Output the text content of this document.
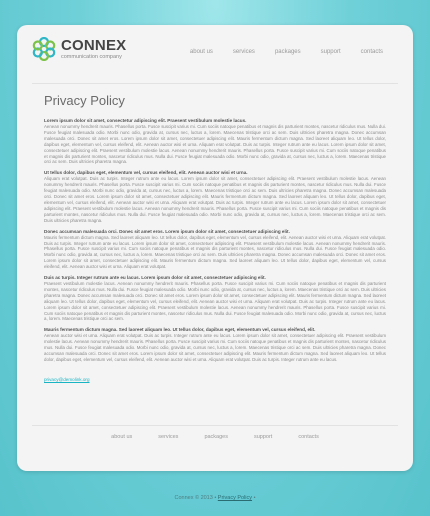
CONNEX
communication company
about us	services	packages	support	contacts
Privacy Policy
Lorem ipsum dolor sit amet, consectetur adipiscing elit. Praesent vestibulum molestie lacus.
Aenean nonummy hendrerit mauris. Phasellus porta. Fusce suscipit varius mi. Cum sociis natoque penatibus et magnis dis parturient montes, nascetur ridiculus mus. Nulla dui. Fusce feugiat malesuada odio. Morbi nunc odio, gravida at, cursus nec, luctus a, lorem. Maecenas tristique orci ac sem. Duis ultricies pharetra magna. Donec accumsan malesuada orci. Donec sit amet eros. Lorem ipsum dolor sit amet, consectetuer adipiscing elit. Mauris fermentum dictum magna. Sed laoreet aliquam leo. Ut tellus dolor, dapibus eget, elementum vel, cursus eleifend, elit. Aenean auctor wisi et urna. Aliquam erat volutpat. Duis ac turpis. Integer rutrum ante eu lacus. Lorem ipsum dolor sit amet, consectetuer adipiscing elit. Praesent vestibulum molestie lacus. Aenean nonummy hendrerit mauris. Phasellus porta. Fusce suscipit varius mi. Cum sociis natoque penatibus et magnis dis parturient montes, nascetur ridiculus mus. Nulla dui. Fusce feugiat malesuada odio. Morbi nunc odio, gravida at, cursus nec, luctus a, lorem. Maecenas tristique orci ac sem. Duis ultricies pharetra magna.
Ut tellus dolor, dapibus eget, elementum vel, cursus eleifend, elit. Aenean auctor wisi et urna.
Aliquam erat volutpat. Duis ac turpis. Integer rutrum ante eu lacus. Lorem ipsum dolor sit amet, consectetuer adipiscing elit. Praesent vestibulum molestie lacus. Aenean nonummy hendrerit mauris. Phasellus porta. Fusce suscipit varius mi. Cum sociis natoque penatibus et magnis dis parturient montes, nascetur ridiculus mus. Nulla dui. Fusce feugiat malesuada odio. Morbi nunc odio, gravida at, cursus nec, luctus a, lorem. Maecenas tristique orci ac sem. Duis ultricies pharetra magna. Donec accumsan malesuada orci. Donec sit amet eros. Lorem ipsum dolor sit amet, consectetuer adipiscing elit. Mauris fermentum dictum magna. Sed laoreet aliquam leo. Ut tellus dolor, dapibus eget, elementum vel, cursus eleifend, elit. Aenean auctor wisi et urna. Aliquam erat volutpat. Duis ac turpis. Integer rutrum ante eu lacus. Lorem ipsum dolor sit amet, consectetuer adipiscing elit. Praesent vestibulum molestie lacus. Aenean nonummy hendrerit mauris. Phasellus porta. Fusce suscipit varius mi. Cum sociis natoque penatibus et magnis dis parturient montes, nascetur ridiculus mus. Nulla dui. Fusce feugiat malesuada odio. Morbi nunc odio, gravida at, cursus nec, luctus a, lorem. Maecenas tristique orci ac sem. Duis ultricies pharetra magna.
Donec accumsan malesuada orci. Donec sit amet eros. Lorem ipsum dolor sit amet, consectetuer adipiscing elit.
Mauris fermentum dictum magna. Sed laoreet aliquam leo. Ut tellus dolor, dapibus eget, elementum vel, cursus eleifend, elit. Aenean auctor wisi et urna. Aliquam erat volutpat. Duis ac turpis. Integer rutrum ante eu lacus. Lorem ipsum dolor sit amet, consectetuer adipiscing elit. Praesent vestibulum molestie lacus. Aenean nonummy hendrerit mauris. Phasellus porta. Fusce suscipit varius mi. Cum sociis natoque penatibus et magnis dis parturient montes, nascetur ridiculus mus. Nulla dui. Fusce feugiat malesuada odio. Morbi nunc odio, gravida at, cursus nec, luctus a, lorem. Maecenas tristique orci ac sem. Duis ultricies pharetra magna. Donec accumsan malesuada orci. Donec sit amet eros. Lorem ipsum dolor sit amet, consectetuer adipiscing elit. Mauris fermentum dictum magna. Sed laoreet aliquam leo. Ut tellus dolor, dapibus eget, elementum vel, cursus eleifend, elit. Aenean auctor wisi et urna. Aliquam erat volutpat.
Duis ac turpis. Integer rutrum ante eu lacus. Lorem ipsum dolor sit amet, consectetuer adipiscing elit.
Praesent vestibulum molestie lacus. Aenean nonummy hendrerit mauris. Phasellus porta. Fusce suscipit varius mi. Cum sociis natoque penatibus et magnis dis parturient montes, nascetur ridiculus mus. Nulla dui. Fusce feugiat malesuada odio. Morbi nunc odio, gravida at, cursus nec, luctus a, lorem. Maecenas tristique orci ac sem. Duis ultricies pharetra magna. Donec accumsan malesuada orci. Donec sit amet eros. Lorem ipsum dolor sit amet, consectetuer adipiscing elit. Mauris fermentum dictum magna. Sed laoreet aliquam leo. Ut tellus dolor, dapibus eget, elementum vel, cursus eleifend, elit. Aenean auctor wisi et urna. Aliquam erat volutpat. Duis ac turpis. Integer rutrum ante eu lacus. Lorem ipsum dolor sit amet, consectetuer adipiscing elit. Praesent vestibulum molestie lacus. Aenean nonummy hendrerit mauris. Phasellus porta. Fusce suscipit varius mi. Cum sociis natoque penatibus et magnis dis parturient montes, nascetur ridiculus mus. Nulla dui. Fusce feugiat malesuada odio. Morbi nunc odio, gravida at, cursus nec, luctus a, lorem. Maecenas tristique orci ac sem.
Mauris fermentum dictum magna. Sed laoreet aliquam leo. Ut tellus dolor, dapibus eget, elementum vel, cursus eleifend, elit.
Aenean auctor wisi et urna. Aliquam erat volutpat. Duis ac turpis. Integer rutrum ante eu lacus. Lorem ipsum dolor sit amet, consectetuer adipiscing elit. Praesent vestibulum molestie lacus. Aenean nonummy hendrerit mauris. Phasellus porta. Fusce suscipit varius mi. Cum sociis natoque penatibus et magnis dis parturient montes, nascetur ridiculus mus. Nulla dui. Fusce feugiat malesuada odio. Morbi nunc odio, gravida at, cursus nec, luctus a, lorem. Maecenas tristique orci ac sem. Duis ultricies pharetra magna. Donec accumsan malesuada orci. Donec sit amet eros. Lorem ipsum dolor sit amet, consectetuer adipiscing elit. Mauris fermentum dictum magna. Sed laoreet aliquam leo. Ut tellus dolor, dapibus eget, elementum vel, cursus eleifend, elit. Aenean auctor wisi et urna. Aliquam erat volutpat. Duis ac turpis. Integer rutrum ante eu lacus.
privacy@demolink.org
about us	services	packages	support	contacts
Connex © 2013 • Privacy Policy •
